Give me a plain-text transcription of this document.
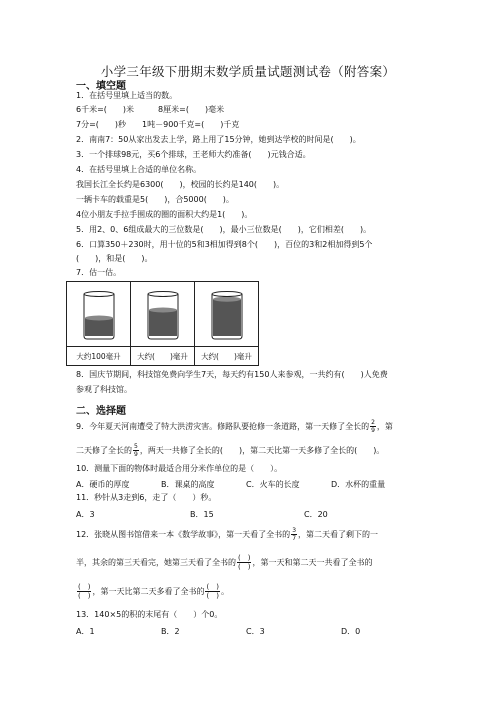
小学三年级下册期末数学质量试题测试卷（附答案）
一、填空题
1．在括号里填上适当的数。
6千米=(　　)米　　　8厘米=(　　)毫米
7分=(　　)秒　　1吨－900千克=(　　)千克
2．南南7：50从家出发去上学，路上用了15分钟，她到达学校的时间是(　　)。
3．一个排球98元，买6个排球，王老师大约准备(　　)元钱合适。
4．在括号里填上合适的单位名称。
我国长江全长约是6300(　　)，校园的长约是140(　　)。
一辆卡车的载重是5(　　)，合5000(　　)。
4位小朋友手拉手围成的圈的面积大约是1(　　)。
5．用2、0、6组成最大的三位数是(　　)，最小三位数是(　　)，它们相差(　　)。
6．口算350＋230时，用十位的5和3相加得到8个(　　)，百位的3和2相加得到5个
(　　)，和是(　　)。
7．估一估。

大约100毫升	大约(　　)毫升	大约(　　)毫升
8．国庆节期间，科技馆免费向学生7天，每天约有150人来参观，一共约有(　　)人免费
参观了科技馆。
二、选择题
9．今年夏天河南遭受了特大洪涝灾害。修路队要抢修一条道路，第一天修了全长的 $\frac{2}{9}$ ，第
二天修了全长的 $\frac{5}{9}$ ，两天一共修了全长的(　　)，第二天比第一天多修了全长的(　　)。
10．测量下面的物体时最适合用分米作单位的是（　　）。
A．硬币的厚度	B．课桌的高度	C．火车的长度	D．水杯的重量
11．秒针从3走到6，走了（　　）秒。
A．3	B．15	C．20
12．张晓从图书馆借来一本《数学故事》，第一天看了全书的 $\frac{3}{7}$ ，第二天看了剩下的一
半，其余的第三天看完，她第三天看了全书的 $\frac{( )}{( )}$ ，第一天和第二天一共看了全书的
$\frac{( )}{( )}$ ，第一天比第二天多看了全书的 $\frac{( )}{( )}$ 。
13．140×5的积的末尾有（　　）个0。
A．1	B．2	C．3	D．0
